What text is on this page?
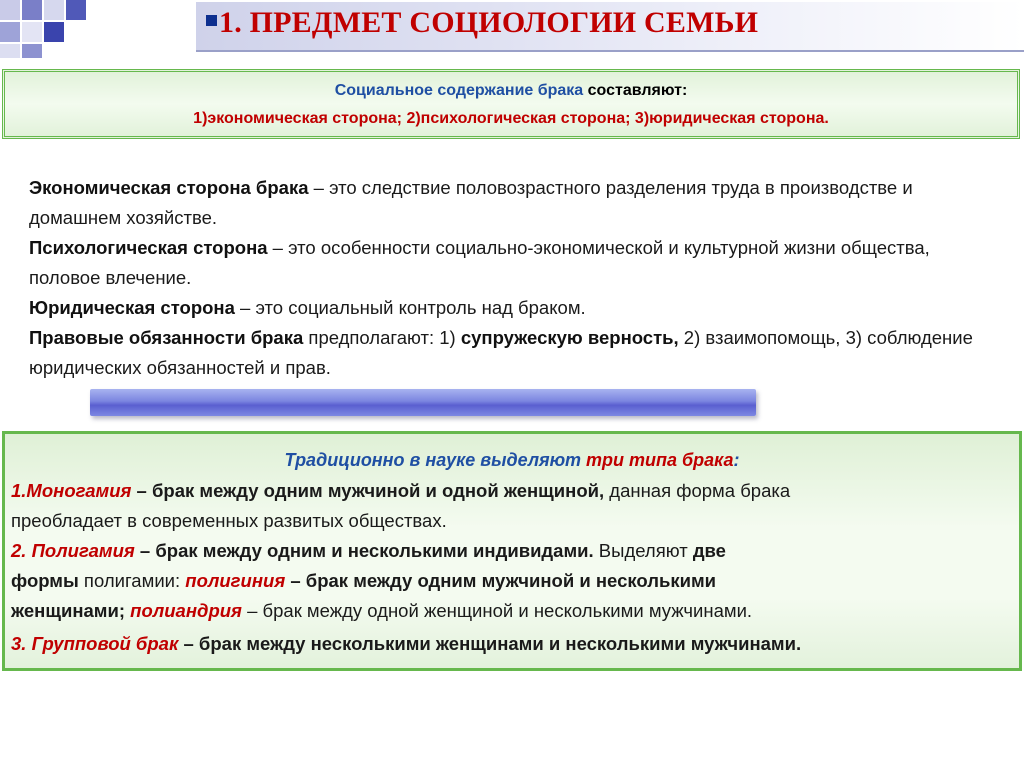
1. ПРЕДМЕТ СОЦИОЛОГИИ СЕМЬИ
Социальное содержание брака составляют:
1)экономическая сторона; 2)психологическая сторона; 3)юридическая сторона.

Экономическая сторона брака – это следствие половозрастного разделения труда в производстве и домашнем хозяйстве.

Психологическая сторона – это особенности социально-экономической и культурной жизни общества, половое влечение.

Юридическая сторона – это социальный контроль над браком.

Правовые обязанности брака предполагают: 1) супружескую верность, 2) взаимопомощь, 3) соблюдение юридических обязанностей и прав.

Традиционно в науке выделяют три типа брака:
1.Моногамия – брак между одним мужчиной и одной женщиной, данная форма брака
преобладает в современных развитых обществах.
2. Полигамия – брак между одним и несколькими индивидами. Выделяют две
формы полигамии: полигиния – брак между одним мужчиной и несколькими
женщинами; полиандрия – брак между одной женщиной и несколькими мужчинами.
3. Групповой брак – брак между несколькими женщинами и несколькими мужчинами.
